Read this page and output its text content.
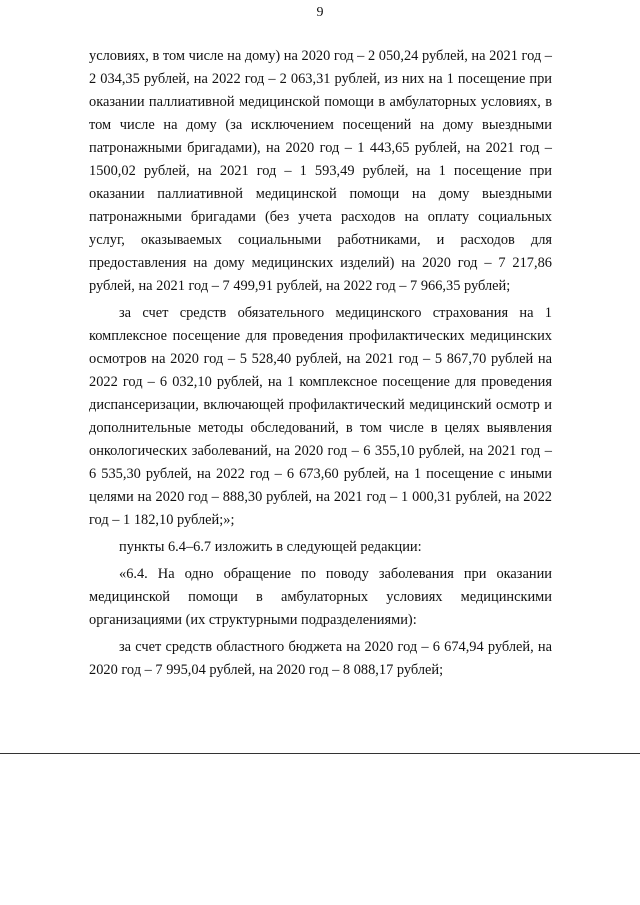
9

условиях, в том числе на дому) на 2020 год – 2 050,24 рублей, на 2021 год – 2 034,35 рублей, на 2022 год – 2 063,31 рублей, из них на 1 посещение при оказании паллиативной медицинской помощи в амбулаторных условиях, в том числе на дому (за исключением посещений на дому выездными патронажными бригадами), на 2020 год – 1 443,65 рублей, на 2021 год – 1500,02 рублей, на 2021 год – 1 593,49 рублей, на 1 посещение при оказании паллиативной медицинской помощи на дому выездными патронажными бригадами (без учета расходов на оплату социальных услуг, оказываемых социальными работниками, и расходов для предоставления на дому медицинских изделий) на 2020 год – 7 217,86 рублей, на 2021 год – 7 499,91 рублей, на 2022 год – 7 966,35 рублей;

за счет средств обязательного медицинского страхования на 1 комплексное посещение для проведения профилактических медицинских осмотров на 2020 год – 5 528,40 рублей, на 2021 год – 5 867,70 рублей на 2022 год – 6 032,10 рублей, на 1 комплексное посещение для проведения диспансеризации, включающей профилактический медицинский осмотр и дополнительные методы обследований, в том числе в целях выявления онкологических заболеваний, на 2020 год – 6 355,10 рублей, на 2021 год – 6 535,30 рублей, на 2022 год – 6 673,60 рублей, на 1 посещение с иными целями на 2020 год – 888,30 рублей, на 2021 год – 1 000,31 рублей, на 2022 год – 1 182,10 рублей;»;

пункты 6.4–6.7 изложить в следующей редакции:

«6.4. На одно обращение по поводу заболевания при оказании медицинской помощи в амбулаторных условиях медицинскими организациями (их структурными подразделениями):

за счет средств областного бюджета на 2020 год – 6 674,94 рублей, на 2020 год – 7 995,04 рублей, на 2020 год – 8 088,17 рублей;
